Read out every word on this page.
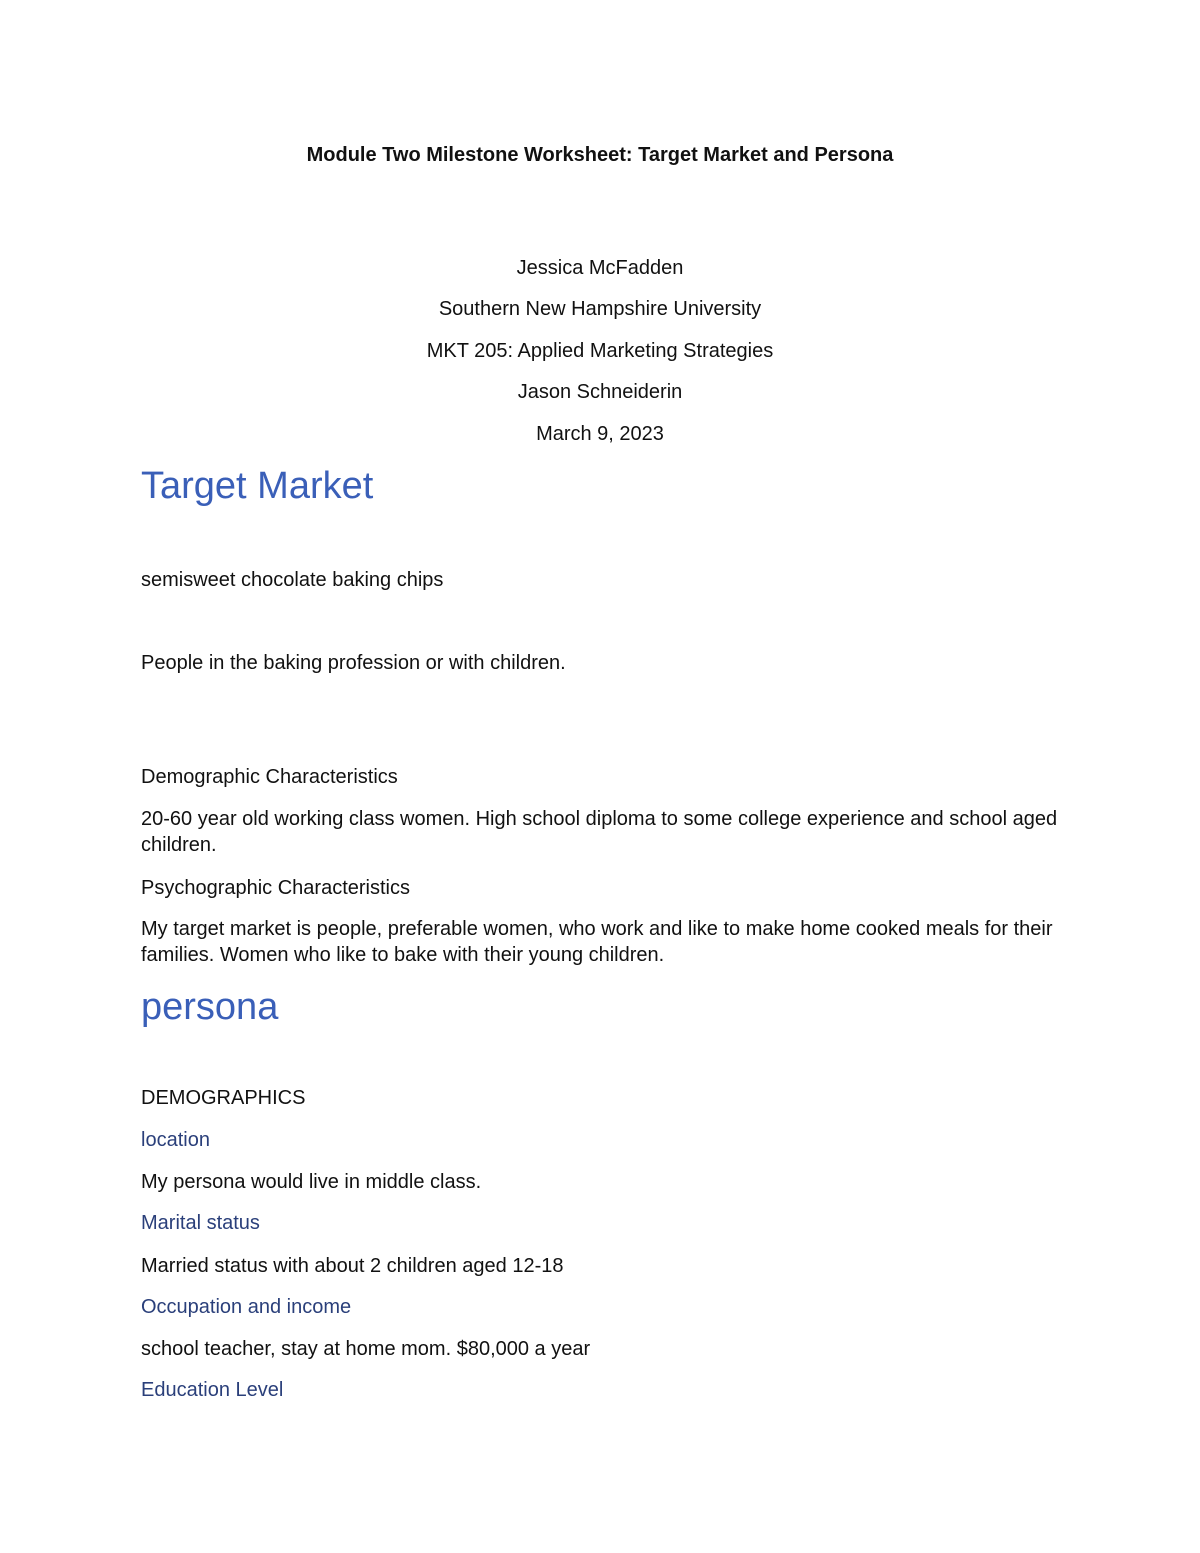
Module Two Milestone Worksheet: Target Market and Persona

Jessica McFadden

Southern New Hampshire University

MKT 205: Applied Marketing Strategies

Jason Schneiderin

March 9, 2023

Target Market

semisweet chocolate baking chips

People in the baking profession or with children.

Demographic Characteristics

20-60 year old working class women. High school diploma to some college experience and school aged children.

Psychographic Characteristics

My target market is people, preferable women, who work and like to make home cooked meals for their families. Women who like to bake with their young children.

persona

DEMOGRAPHICS

location

My persona would live in middle class.

Marital status

Married status with about 2 children aged 12-18

Occupation and income

school teacher, stay at home mom. $80,000 a year

Education Level
